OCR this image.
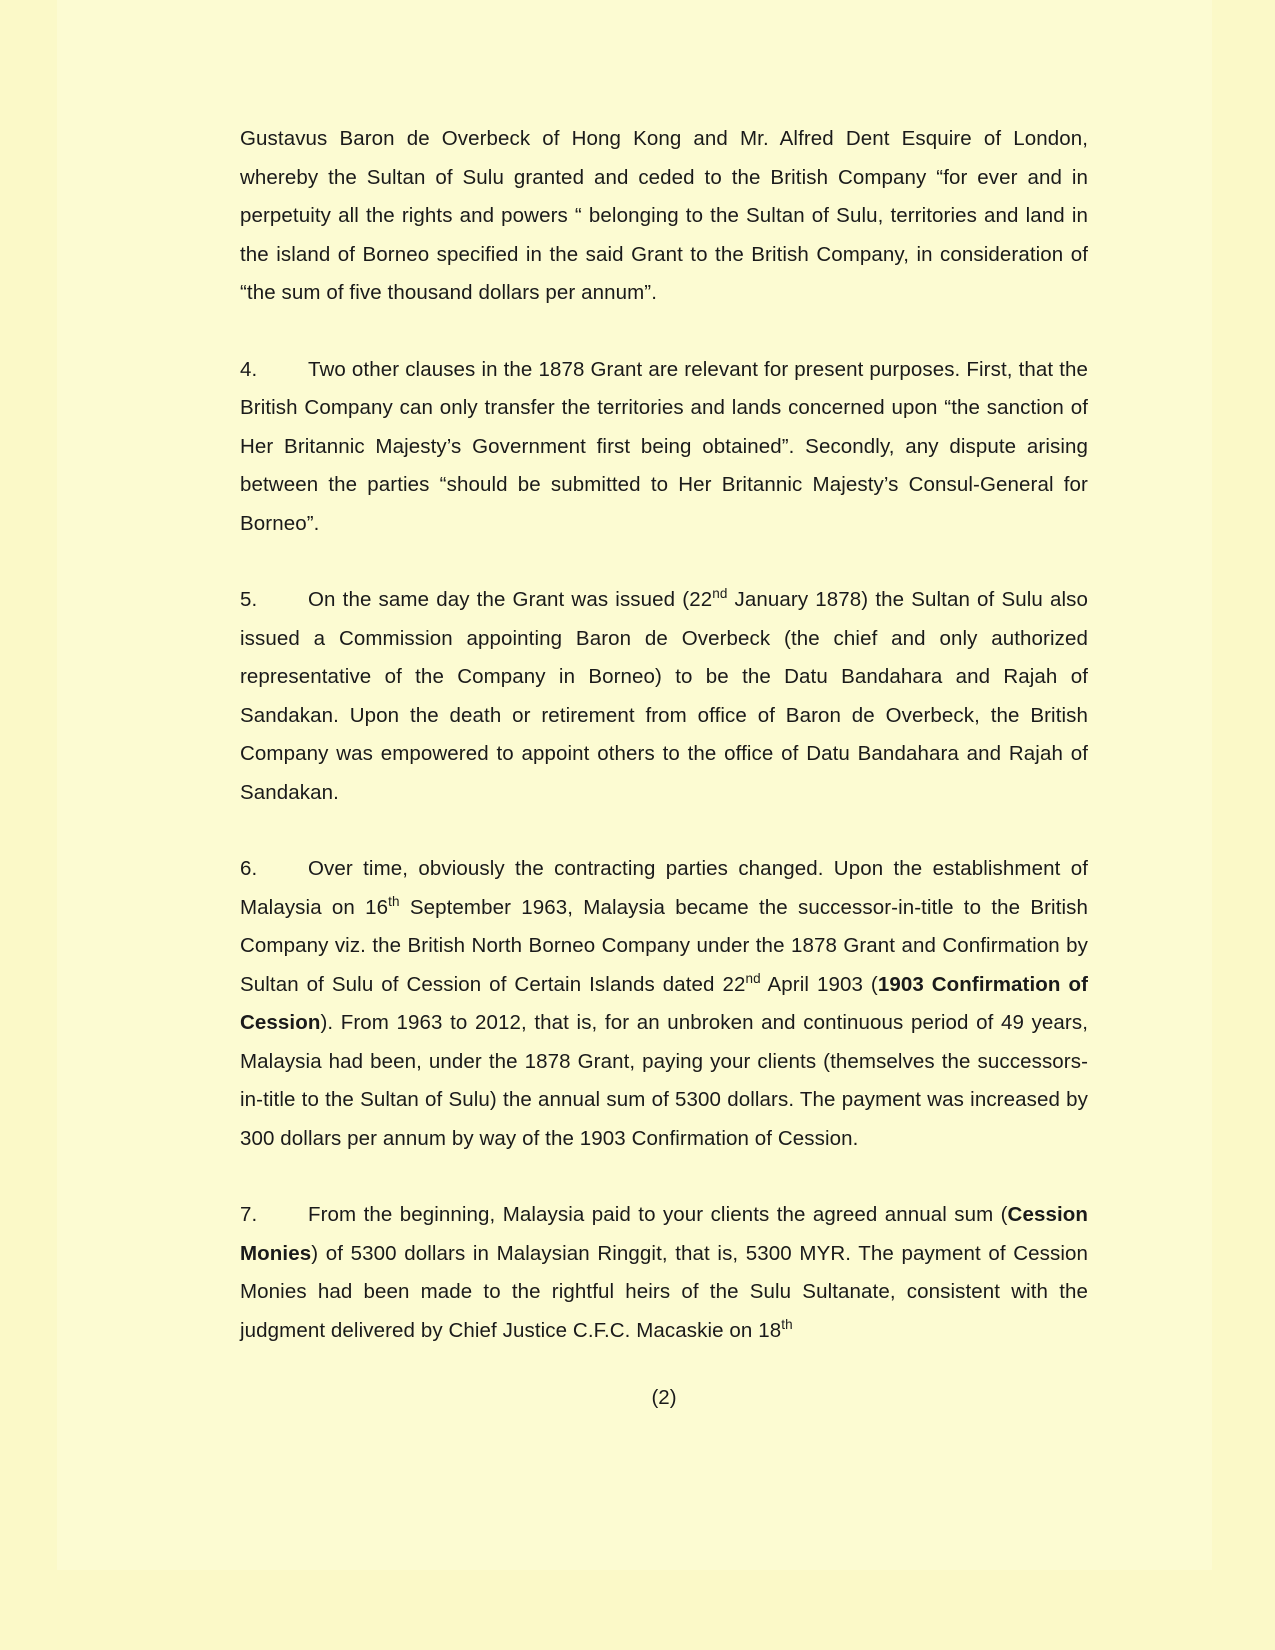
Gustavus Baron de Overbeck of Hong Kong and Mr. Alfred Dent Esquire of London, whereby the Sultan of Sulu granted and ceded to the British Company “for ever and in perpetuity all the rights and powers “ belonging to the Sultan of Sulu, territories and land in the island of Borneo specified in the said Grant to the British Company, in consideration of “the sum of five thousand dollars per annum”.

4. Two other clauses in the 1878 Grant are relevant for present purposes. First, that the British Company can only transfer the territories and lands concerned upon “the sanction of Her Britannic Majesty’s Government first being obtained”. Secondly, any dispute arising between the parties “should be submitted to Her Britannic Majesty’s Consul-General for Borneo”.

5. On the same day the Grant was issued (22nd January 1878) the Sultan of Sulu also issued a Commission appointing Baron de Overbeck (the chief and only authorized representative of the Company in Borneo) to be the Datu Bandahara and Rajah of Sandakan. Upon the death or retirement from office of Baron de Overbeck, the British Company was empowered to appoint others to the office of Datu Bandahara and Rajah of Sandakan.

6. Over time, obviously the contracting parties changed. Upon the establishment of Malaysia on 16th September 1963, Malaysia became the successor-in-title to the British Company viz. the British North Borneo Company under the 1878 Grant and Confirmation by Sultan of Sulu of Cession of Certain Islands dated 22nd April 1903 (1903 Confirmation of Cession). From 1963 to 2012, that is, for an unbroken and continuous period of 49 years, Malaysia had been, under the 1878 Grant, paying your clients (themselves the successors-in-title to the Sultan of Sulu) the annual sum of 5300 dollars. The payment was increased by 300 dollars per annum by way of the 1903 Confirmation of Cession.

7. From the beginning, Malaysia paid to your clients the agreed annual sum (Cession Monies) of 5300 dollars in Malaysian Ringgit, that is, 5300 MYR. The payment of Cession Monies had been made to the rightful heirs of the Sulu Sultanate, consistent with the judgment delivered by Chief Justice C.F.C. Macaskie on 18th

(2)
